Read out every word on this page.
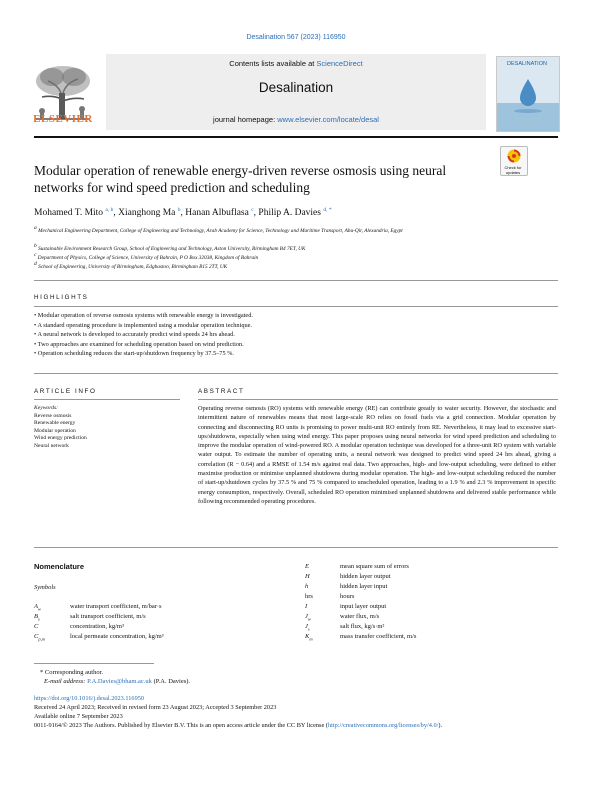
Desalination 567 (2023) 116950
Contents lists available at ScienceDirect
Desalination
journal homepage: www.elsevier.com/locate/desal
ELSEVIER
DESALINATION
Check for updates
Modular operation of renewable energy-driven reverse osmosis using neural networks for wind speed prediction and scheduling
Mohamed T. Mito $^{a, b}$, Xianghong Ma $^b$, Hanan Albuflasa $^c$, Philip A. Davies $^{d, *}$
$^a$ Mechanical Engineering Department, College of Engineering and Technology, Arab Academy for Science, Technology and Maritime Transport, Abu-Qir, Alexandria, Egypt
$^b$ Sustainable Environment Research Group, School of Engineering and Technology, Aston University, Birmingham B4 7ET, UK
$^c$ Department of Physics, College of Science, University of Bahrain, P O Box 32038, Kingdom of Bahrain
$^d$ School of Engineering, University of Birmingham, Edgbaston, Birmingham B15 2TT, UK
HIGHLIGHTS
• Modular operation of reverse osmosis systems with renewable energy is investigated.
• A standard operating procedure is implemented using a modular operation technique.
• A neural network is developed to accurately predict wind speeds 24 hrs ahead.
• Two approaches are examined for scheduling operation based on wind prediction.
• Operation scheduling reduces the start-up/shutdown frequency by 37.5–75 %.
ARTICLE INFO	ABSTRACT
Keywords:
Reverse osmosis
Renewable energy
Modular operation
Wind energy prediction
Neural network
Operating reverse osmosis (RO) systems with renewable energy (RE) can contribute greatly to water security. However, the stochastic and intermittent nature of renewables means that most large-scale RO relies on fossil fuels via a grid connection. Modular operation by connecting and disconnecting RO units is promising to power multi-unit RO entirely from RE. Nevertheless, it may lead to excessive start-ups/shutdowns, especially when using wind energy. This paper proposes using neural networks for wind speed prediction and scheduling to improve the modular operation of wind-powered RO. A modular operation technique was developed for a three-unit RO system with variable water output. To estimate the number of operating units, a neural network was designed to predict wind speed 24 hrs ahead, giving a correlation (R − 0.64) and a RMSE of 1.54 m/s against real data. Two approaches, high- and low-output scheduling, were defined to either maximise production or minimise unplanned shutdowns during modular operation. The high- and low-output scheduling reduced the number of start-up/shutdown cycles by 37.5 % and 75 % compared to unscheduled operation, leading to a 1.9 % and 2.3 % improvement in specific energy consumption, respectively. Overall, scheduled RO operation minimised unplanned shutdowns and delivered stable performance while following recommended operating procedures.
Nomenclature
Symbols
$A_w$	water transport coefficient, m/bar·s
$B_s$	salt transport coefficient, m/s
C	concentration, kg/m³
$C_{p,m}$	local permeate concentration, kg/m³
E	mean square sum of errors
H	hidden layer output
h	hidden layer input
hrs	hours
I	input layer output
$J_w$	water flux, m/s
$J_s$	salt flux, kg/s·m²
$K_m$	mass transfer coefficient, m/s
* Corresponding author.
E-mail address: P.A.Davies@bham.ac.uk (P.A. Davies).
https://doi.org/10.1016/j.desal.2023.116950
Received 24 April 2023; Received in revised form 23 August 2023; Accepted 3 September 2023
Available online 7 September 2023
0011-9164/© 2023 The Authors. Published by Elsevier B.V. This is an open access article under the CC BY license (http://creativecommons.org/licenses/by/4.0/).
